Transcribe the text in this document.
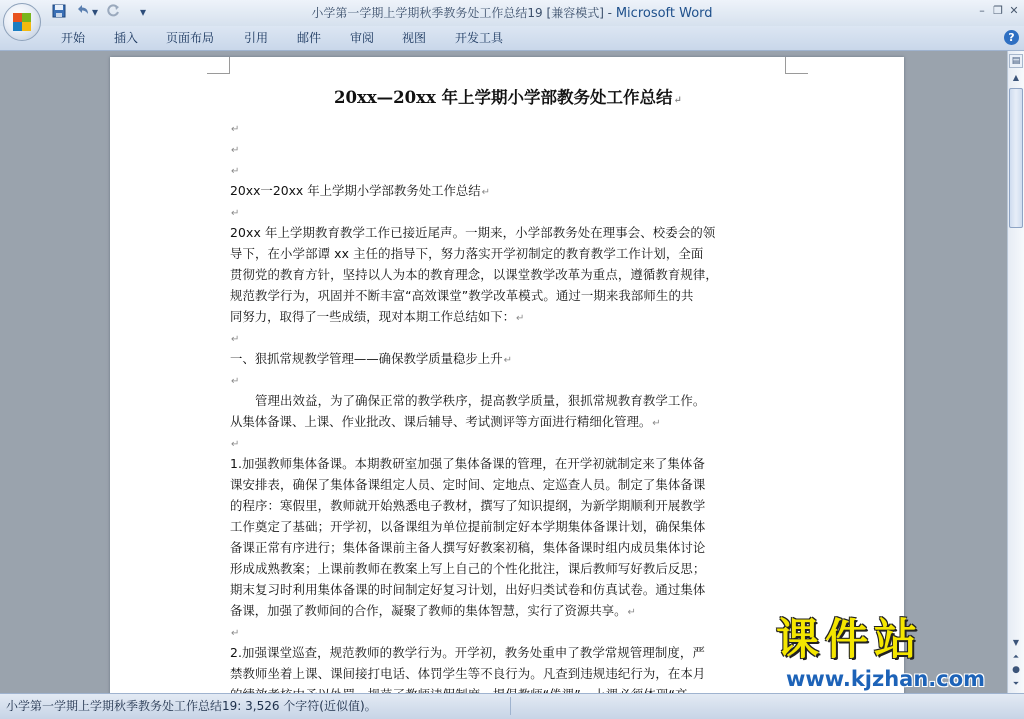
▾	▾	小学第一学期上学期秋季教务处工作总结19 [兼容模式] - Microsoft Word	– ❐ ✕
开始 插入 页面布局 引用 邮件 审阅 视图 开发工具	?
20xx—20xx 年上学期小学部教务处工作总结↵
↵
↵
↵
20xx一20xx 年上学期小学部教务处工作总结↵
↵
20xx 年上学期教育教学工作已接近尾声。一期来，小学部教务处在理事会、校委会的领
导下，在小学部谭 xx 主任的指导下，努力落实开学初制定的教育教学工作计划，全面
贯彻党的教育方针，坚持以人为本的教育理念，以课堂教学改革为重点，遵循教育规律，
规范教学行为，巩固并不断丰富“高效课堂”教学改革模式。通过一期来我部师生的共
同努力，取得了一些成绩，现对本期工作总结如下：↵
↵
一、狠抓常规教学管理——确保教学质量稳步上升↵
↵
　　管理出效益，为了确保正常的教学秩序，提高教学质量，狠抓常规教育教学工作。
从集体备课、上课、作业批改、课后辅导、考试测评等方面进行精细化管理。↵
↵
1.加强教师集体备课。本期教研室加强了集体备课的管理，在开学初就制定来了集体备
课安排表，确保了集体备课组定人员、定时间、定地点、定巡查人员。制定了集体备课
的程序：寒假里，教师就开始熟悉电子教材，撰写了知识提纲，为新学期顺利开展教学
工作奠定了基础；开学初，以备课组为单位提前制定好本学期集体备课计划，确保集体
备课正常有序进行；集体备课前主备人撰写好教案初稿，集体备课时组内成员集体讨论
形成成熟教案；上课前教师在教案上写上自己的个性化批注，课后教师写好教后反思；
期末复习时利用集体备课的时间制定好复习计划，出好归类试卷和仿真试卷。通过集体
备课，加强了教师间的合作，凝聚了教师的集体智慧，实行了资源共享。↵
↵
2.加强课堂巡查，规范教师的教学行为。开学初，教务处重申了教学常规管理制度，严
禁教师坐着上课、课间接打电话、体罚学生等不良行为。凡查到违规违纪行为，在本月
▤
▲
▼
⏶
●
⏷
小学第一学期上学期秋季教务处工作总结19: 3,526 个字符(近似值)。
课件站
www.kjzhan.com
